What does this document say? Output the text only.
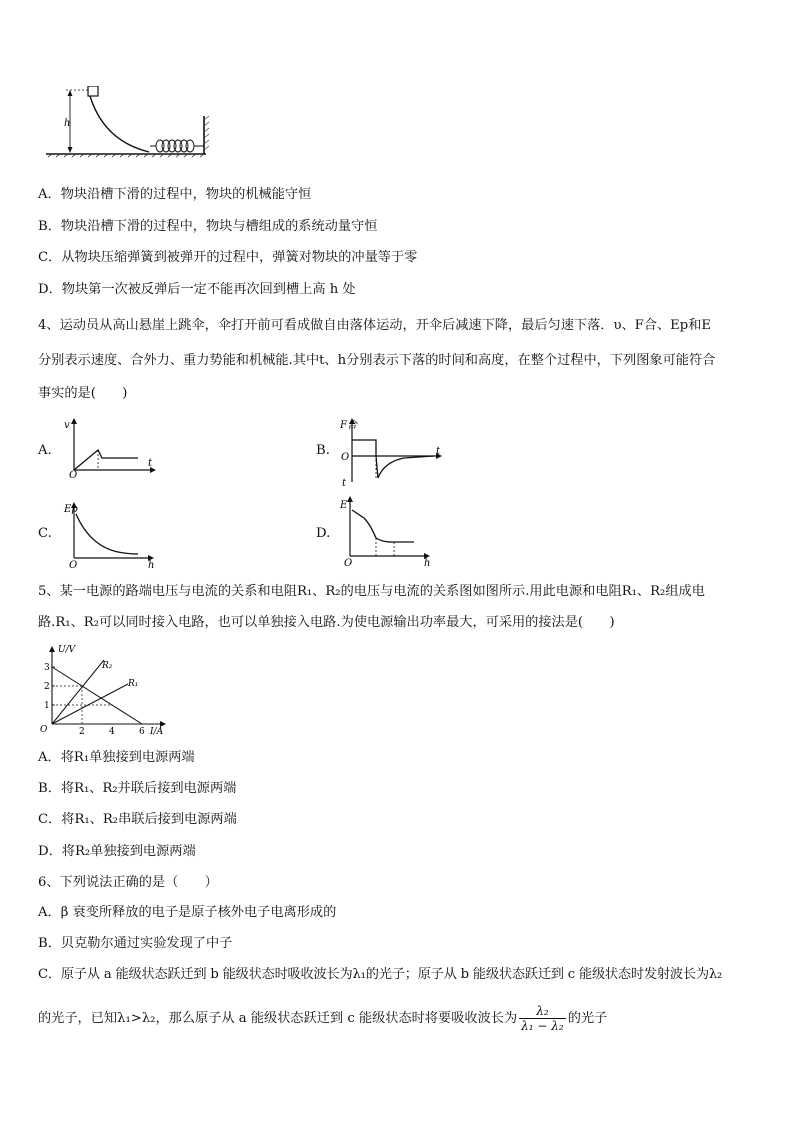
h
A．物块沿槽下滑的过程中，物块的机械能守恒
B．物块沿槽下滑的过程中，物块与槽组成的系统动量守恒
C．从物块压缩弹簧到被弹开的过程中，弹簧对物块的冲量等于零
D．物块第一次被反弹后一定不能再次回到槽上高 h 处
4、运动员从高山悬崖上跳伞，伞打开前可看成做自由落体运动，开伞后减速下降，最后匀速下落．υ、F合、Ep和E
分别表示速度、合外力、重力势能和机械能.其中t、h分别表示下落的时间和高度，在整个过程中，下列图象可能符合
事实的是(　　)
A.
v
t
O
B.
F合
t
O
t
C.
Ep
h
O
D.
E
h
O
5、某一电源的路端电压与电流的关系和电阻R₁、R₂的电压与电流的关系图如图所示.用此电源和电阻R₁、R₂组成电
路.R₁、R₂可以同时接入电路，也可以单独接入电路.为使电源输出功率最大，可采用的接法是(　　)
U/V
I/A
O
1
2
3
2	4	6
R₂
R₁
A．将R₁单独接到电源两端
B．将R₁、R₂并联后接到电源两端
C．将R₁、R₂串联后接到电源两端
D．将R₂单独接到电源两端
6、下列说法正确的是（　　）
A．β 衰变所释放的电子是原子核外电子电离形成的
B．贝克勒尔通过实验发现了中子
C．原子从 a 能级状态跃迁到 b 能级状态时吸收波长为λ₁的光子；原子从 b 能级状态跃迁到 c 能级状态时发射波长为λ₂
的光子，已知λ₁>λ₂，那么原子从 a 能级状态跃迁到 c 能级状态时将要吸收波长为 $\frac{\text{λ₂}}{\text{λ₁ − λ₂}}$ 的光子
